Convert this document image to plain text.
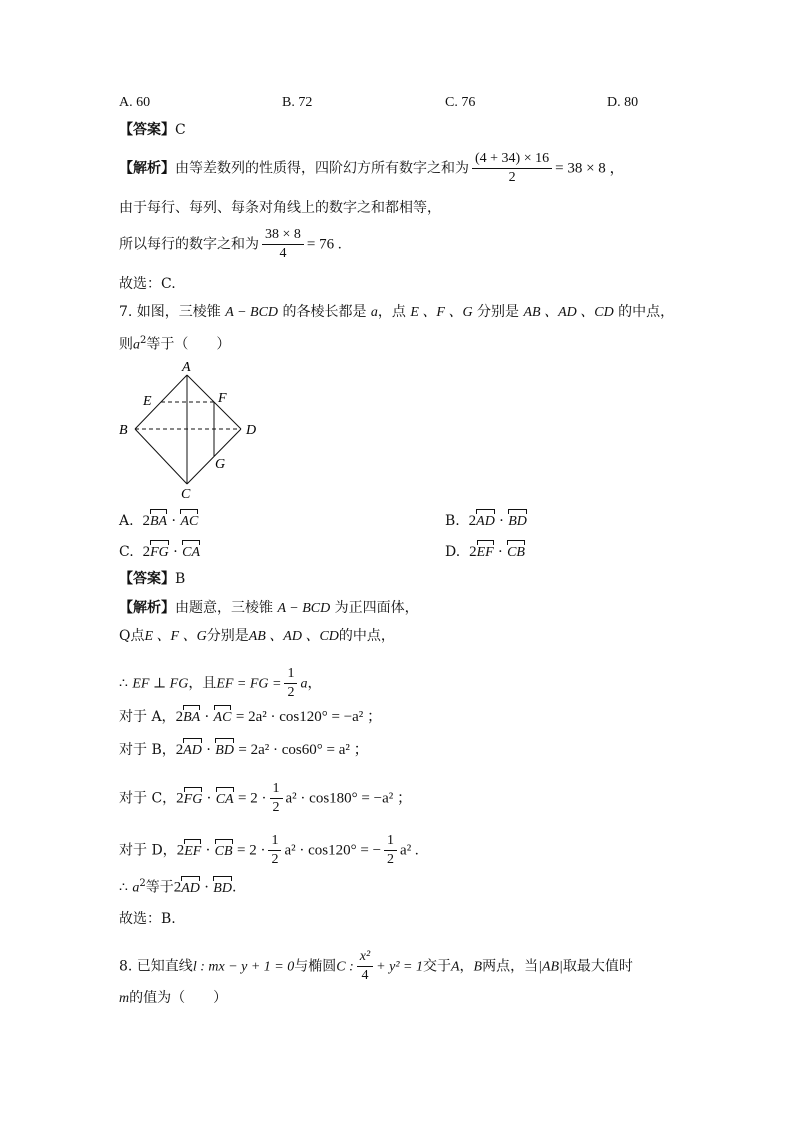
A. 60	B. 72	C. 76	D. 80
【答案】C
【解析】由等差数列的性质得，四阶幻方所有数字之和为 $\frac{(4 + 34) \times 16}{2} = 38 \times 8$ ，
由于每行、每列、每条对角线上的数字之和都相等，
所以每行的数字之和为 $\frac{38 \times 8}{4} = 76$ .
故选：C.
7. 如图，三棱锥 A − BCD 的各棱长都是 a，点 E 、F 、G 分别是 AB 、AD 、CD 的中点，
则$a^2$等于（　　）
A
B
C
D
E	F
G
A. 2BA · AC	B. 2AD · BD
C. 2FG · CA	D. 2EF · CB
【答案】B
【解析】由题意，三棱锥 A − BCD 为正四面体，
Q点E 、F 、G分别是AB 、AD 、CD的中点，
∴ EF ⊥ FG，且EF = FG = $\frac{1}{2}$ a，
对于 A，2BA · AC = 2a² · cos120° = −a² ；
对于 B，2AD · BD = 2a² · cos60° = a² ；
对于 C，2FG · CA = $2 \cdot \frac{1}{2} a^2 \cdot \cos 180^\circ = -a^2$ ；
对于 D，2EF · CB = $2 \cdot \frac{1}{2} a^2 \cdot \cos 120^\circ$ = − $\frac{1}{2} a^2$ .
∴ $a^2$等于2AD · BD.
故选：B.
8. 已知直线l : mx − y + 1 = 0与椭圆C : $\frac{\text{x²}}{4} + y^2 = 1$交于A，B两点，当|AB|取最大值时
m的值为（　　）
